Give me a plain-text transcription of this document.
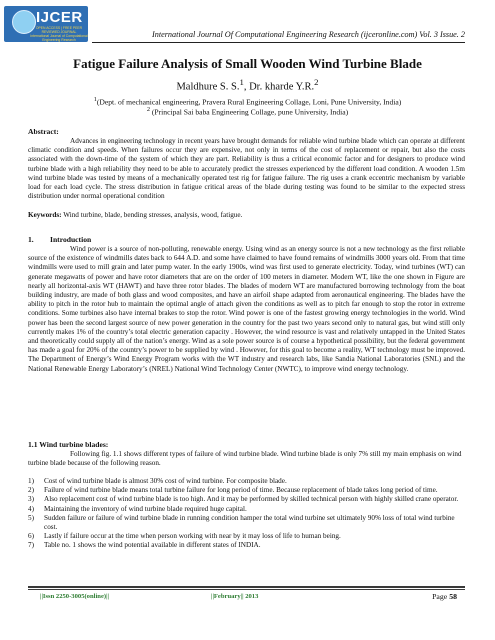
IJCER
OPEN ACCESS | FREE PEER REVIEWED JOURNAL
International Journal of Computational
Engineering Research
International Journal Of Computational Engineering Research (ijceronline.com) Vol. 3 Issue. 2
Fatigue Failure Analysis of Small Wooden Wind Turbine Blade
Maldhure S. S.$^1$, Dr. kharde Y.R.$^2$
$^1$(Dept. of mechanical engineering, Pravera Rural Engineering Collage, Loni, Pune University, India)
$^2$ (Principal Sai baba Engineering Collage, pune University, India)
Abstract:
Advances in engineering technology in recent years have brought demands for reliable wind turbine blade which can operate at different climatic condition and speeds. When failures occur they are expensive, not only in terms of the cost of replacement or repair, but also the costs associated with the down-time of the system of which they are part. Reliability is thus a critical economic factor and for designers to produce wind turbine blade with a high reliability they need to be able to accurately predict the stresses experienced by the different load condition. A wooden 1.5m wind turbine blade was tested by means of a mechanically operated test rig for fatigue failure. The rig uses a crank eccentric mechanism by variable load for each load cycle. The stress distribution in fatigue critical areas of the blade during testing was found to be similar to the expected stress distribution under normal operational condition
Keywords: Wind turbine, blade, bending stresses, analysis, wood, fatigue.
1. Introduction
Wind power is a source of non-polluting, renewable energy. Using wind as an energy source is not a new technology as the first reliable source of the existence of windmills dates back to 644 A.D. and some have claimed to have found remains of windmills 3000 years old. From that time windmills were used to mill grain and later pump water. In the early 1900s, wind was first used to generate electricity. Today, wind turbines (WT) can generate megawatts of power and have rotor diameters that are on the order of 100 meters in diameter. Modern WT, like the one shown in Figure are nearly all horizontal-axis WT (HAWT) and have three rotor blades. The blades of modern WT are manufactured borrowing technology from the boat building industry, are made of both glass and wood composites, and have an airfoil shape adapted from aeronautical engineering. The blades have the ability to pitch in the rotor hub to maintain the optimal angle of attach given the conditions as well as to pitch far enough to stop the rotor in extreme conditions. Some turbines also have internal brakes to stop the rotor. Wind power is one of the fastest growing energy technologies in the world. Wind power has been the second largest source of new power generation in the country for the past two years second only to natural gas, but wind still only currently makes 1% of the country’s total electric generation capacity . However, the wind resource is vast and relatively untapped in the United States and theoretically could supply all of the nation’s energy. Wind as a sole power source is of course a hypothetical possibility, but the federal government has made a goal for 20% of the country’s power to be supplied by wind . However, for this goal to become a reality, WT technology must be improved. The Department of Energy’s Wind Energy Program works with the WT industry and research labs, like Sandia National Laboratories (SNL) and the National Renewable Energy Laboratory’s (NREL) National Wind Technology Center (NWTC), to improve wind energy technology.
1.1 Wind turbine blades:
Following fig. 1.1 shows different types of failure of wind turbine blade. Wind turbine blade is only 7% still my main emphasis on wind turbine blade because of the following reason.
1) Cost of wind turbine blade is almost 30% cost of wind turbine. For composite blade.
2) Failure of wind turbine blade means total turbine failure for long period of time. Because replacement of blade takes long period of time.
3) Also replacement cost of wind turbine blade is too high. And it may be performed by skilled technical person with highly skilled crane operator.
4) Maintaining the inventory of wind turbine blade required huge capital.
5) Sudden failure or failure of wind turbine blade in running condition hamper the total wind turbine set ultimately 90% loss of total wind turbine cost.
6) Lastly if failure occur at the time when person working with near by it may loss of life to human being.
7) Table no. 1 shows the wind potential available in different states of INDIA.
||Issn 2250-3005(online)||	||February|| 2013	Page 58
